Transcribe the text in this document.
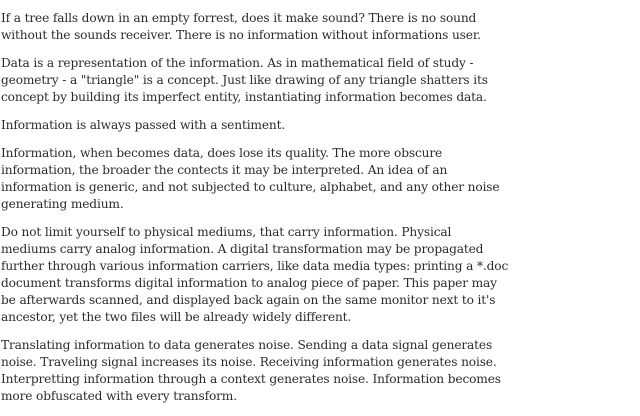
If a tree falls down in an empty forrest, does it make sound? There is no sound
without the sounds receiver. There is no information without informations user.

Data is a representation of the information. As in mathematical field of study -
geometry - a "triangle" is a concept. Just like drawing of any triangle shatters its
concept by building its imperfect entity, instantiating information becomes data.

Information is always passed with a sentiment.

Information, when becomes data, does lose its quality. The more obscure
information, the broader the contects it may be interpreted. An idea of an
information is generic, and not subjected to culture, alphabet, and any other noise
generating medium.

Do not limit yourself to physical mediums, that carry information. Physical
mediums carry analog information. A digital transformation may be propagated
further through various information carriers, like data media types: printing a *.doc
document transforms digital information to analog piece of paper. This paper may
be afterwards scanned, and displayed back again on the same monitor next to it's
ancestor, yet the two files will be already widely different.

Translating information to data generates noise. Sending a data signal generates
noise. Traveling signal increases its noise. Receiving information generates noise.
Interpretting information through a context generates noise. Information becomes
more obfuscated with every transform.
